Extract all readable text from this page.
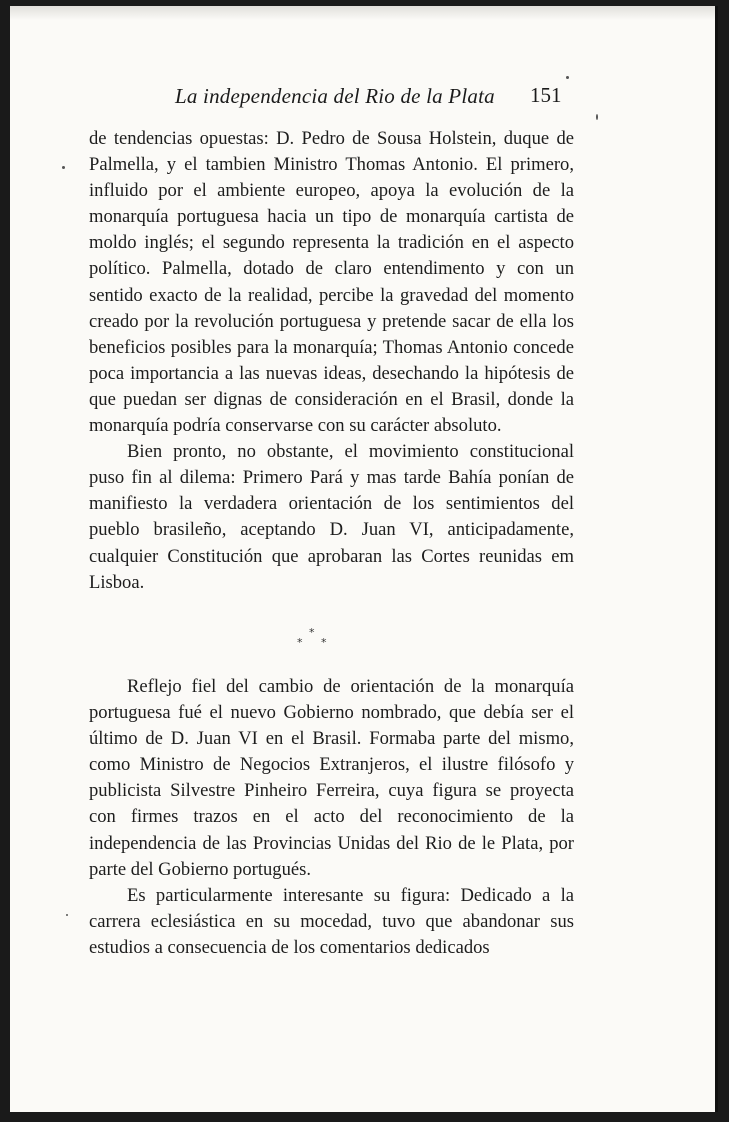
La independencia del Rio de la Plata 151

de tendencias opuestas: D. Pedro de Sousa Holstein, duque de Palmella, y el tambien Ministro Thomas Antonio. El primero, influido por el ambiente europeo, apoya la evolución de la monarquía portuguesa hacia un tipo de monarquía cartista de moldo inglés; el segundo representa la tradición en el aspecto político. Palmella, dotado de claro entendimento y con un sentido exacto de la realidad, percibe la gravedad del momento creado por la revolución portuguesa y pretende sacar de ella los beneficios posibles para la monarquía; Thomas Antonio concede poca importancia a las nuevas ideas, desechando la hipótesis de que puedan ser dignas de consideración en el Brasil, donde la monarquía podría conservarse con su carácter absoluto.

Bien pronto, no obstante, el movimiento constitucional puso fin al dilema: Primero Pará y mas tarde Bahía ponían de manifiesto la verdadera orientación de los sentimientos del pueblo brasileño, aceptando D. Juan VI, anticipadamente, cualquier Constitución que aprobaran las Cortes reunidas em Lisboa.

*
* *

Reflejo fiel del cambio de orientación de la monarquía portuguesa fué el nuevo Gobierno nombrado, que debía ser el último de D. Juan VI en el Brasil. Formaba parte del mismo, como Ministro de Negocios Extranjeros, el ilustre filósofo y publicista Silvestre Pinheiro Ferreira, cuya figura se proyecta con firmes trazos en el acto del reconocimiento de la independencia de las Provincias Unidas del Rio de le Plata, por parte del Gobierno portugués.

Es particularmente interesante su figura: Dedicado a la carrera eclesiástica en su mocedad, tuvo que abandonar sus estudios a consecuencia de los comentarios dedicados
